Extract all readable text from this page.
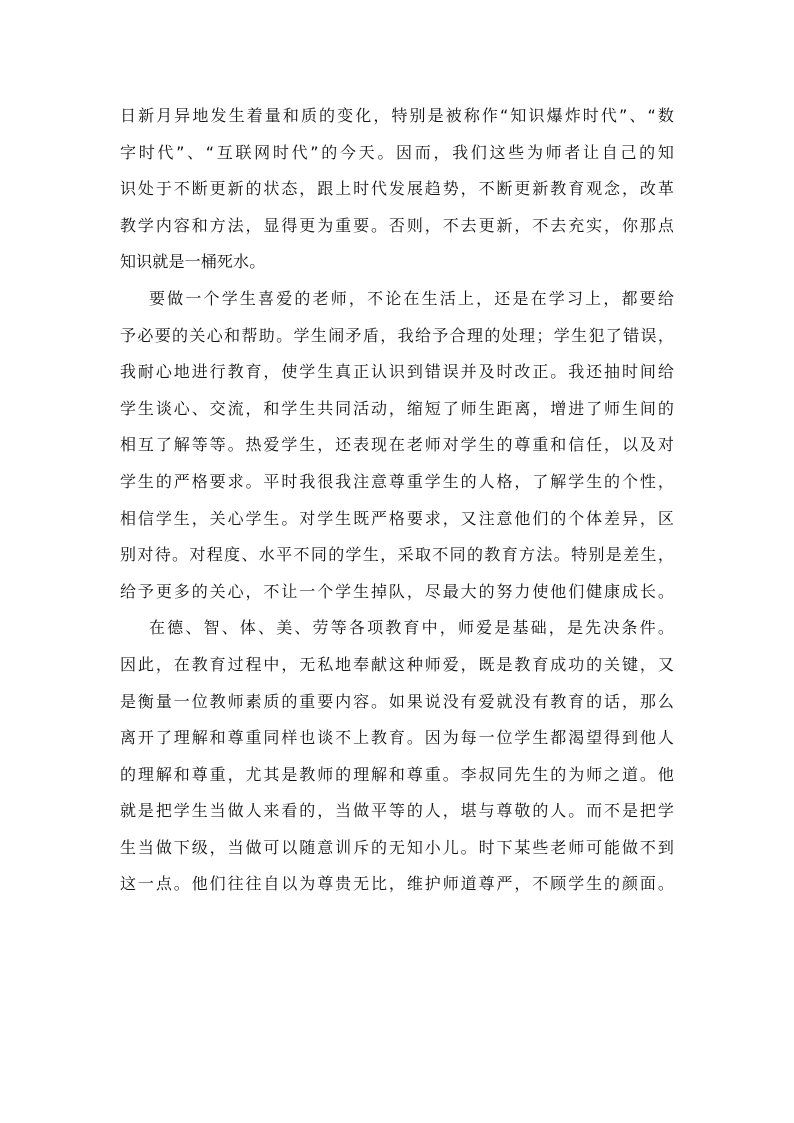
日新月异地发生着量和质的变化，特别是被称作“知识爆炸时代”、“数
字时代”、“互联网时代”的今天。因而，我们这些为师者让自己的知
识处于不断更新的状态，跟上时代发展趋势，不断更新教育观念，改革
教学内容和方法，显得更为重要。否则，不去更新，不去充实，你那点
知识就是一桶死水。
要做一个学生喜爱的老师，不论在生活上，还是在学习上，都要给
予必要的关心和帮助。学生闹矛盾，我给予合理的处理；学生犯了错误，
我耐心地进行教育，使学生真正认识到错误并及时改正。我还抽时间给
学生谈心、交流，和学生共同活动，缩短了师生距离，增进了师生间的
相互了解等等。热爱学生，还表现在老师对学生的尊重和信任，以及对
学生的严格要求。平时我很我注意尊重学生的人格，了解学生的个性，
相信学生，关心学生。对学生既严格要求，又注意他们的个体差异，区
别对待。对程度、水平不同的学生，采取不同的教育方法。特别是差生，
给予更多的关心，不让一个学生掉队，尽最大的努力使他们健康成长。
在德、智、体、美、劳等各项教育中，师爱是基础，是先决条件。
因此，在教育过程中，无私地奉献这种师爱，既是教育成功的关键，又
是衡量一位教师素质的重要内容。如果说没有爱就没有教育的话，那么
离开了理解和尊重同样也谈不上教育。因为每一位学生都渴望得到他人
的理解和尊重，尤其是教师的理解和尊重。李叔同先生的为师之道。他
就是把学生当做人来看的，当做平等的人，堪与尊敬的人。而不是把学
生当做下级，当做可以随意训斥的无知小儿。时下某些老师可能做不到
这一点。他们往往自以为尊贵无比，维护师道尊严，不顾学生的颜面。
